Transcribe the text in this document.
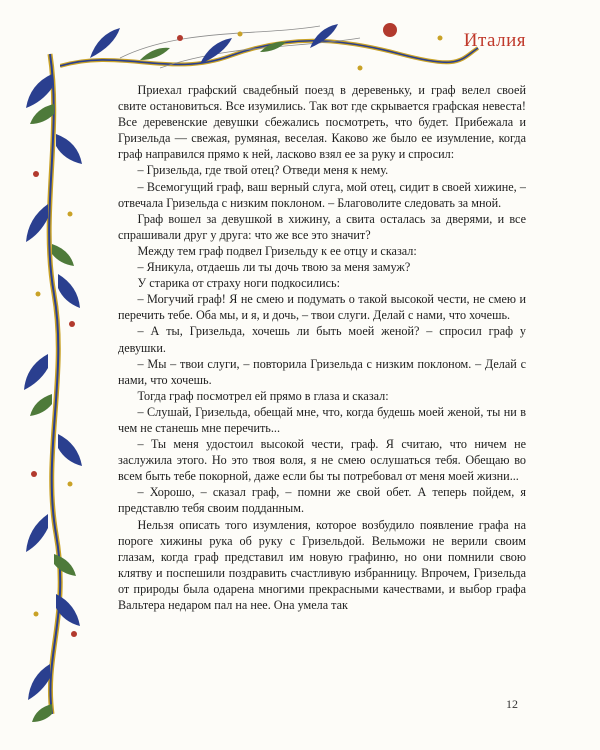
Италия

Приехал графский свадебный поезд в деревеньку, и граф велел своей свите остановиться. Все изумились. Так вот где скрывается графская невеста! Все деревенские девушки сбежались посмотреть, что будет. Прибежала и Гризельда — свежая, румяная, веселая. Каково же было ее изумление, когда граф направился прямо к ней, ласково взял ее за руку и спросил:

– Гризельда, где твой отец? Отведи меня к нему.

– Всемогущий граф, ваш верный слуга, мой отец, сидит в своей хижине, – отвечала Гризельда с низким поклоном. – Благоволите следовать за мной.

Граф вошел за девушкой в хижину, а свита осталась за дверями, и все спрашивали друг у друга: что же все это значит?

Между тем граф подвел Гризельду к ее отцу и сказал:

– Яникула, отдаешь ли ты дочь твою за меня замуж?

У старика от страху ноги подкосились:

– Могучий граф! Я не смею и подумать о такой высокой чести, не смею и перечить тебе. Оба мы, и я, и дочь, – твои слуги. Делай с нами, что хочешь.

– А ты, Гризельда, хочешь ли быть моей женой? – спросил граф у девушки.

– Мы – твои слуги, – повторила Гризельда с низким поклоном. – Делай с нами, что хочешь.

Тогда граф посмотрел ей прямо в глаза и сказал:

– Слушай, Гризельда, обещай мне, что, когда будешь моей женой, ты ни в чем не станешь мне перечить...

– Ты меня удостоил высокой чести, граф. Я считаю, что ничем не заслужила этого. Но это твоя воля, я не смею ослушаться тебя. Обещаю во всем быть тебе покорной, даже если бы ты потребовал от меня моей жизни...

– Хорошо, – сказал граф, – помни же свой обет. А теперь пойдем, я представлю тебя своим подданным.

Нельзя описать того изумления, которое возбудило появление графа на пороге хижины рука об руку с Гризельдой. Вельможи не верили своим глазам, когда граф представил им новую графиню, но они помнили свою клятву и поспешили поздравить счастливую избранницу. Впрочем, Гризельда от природы была одарена многими прекрасными качествами, и выбор графа Вальтера недаром пал на нее. Она умела так

12
